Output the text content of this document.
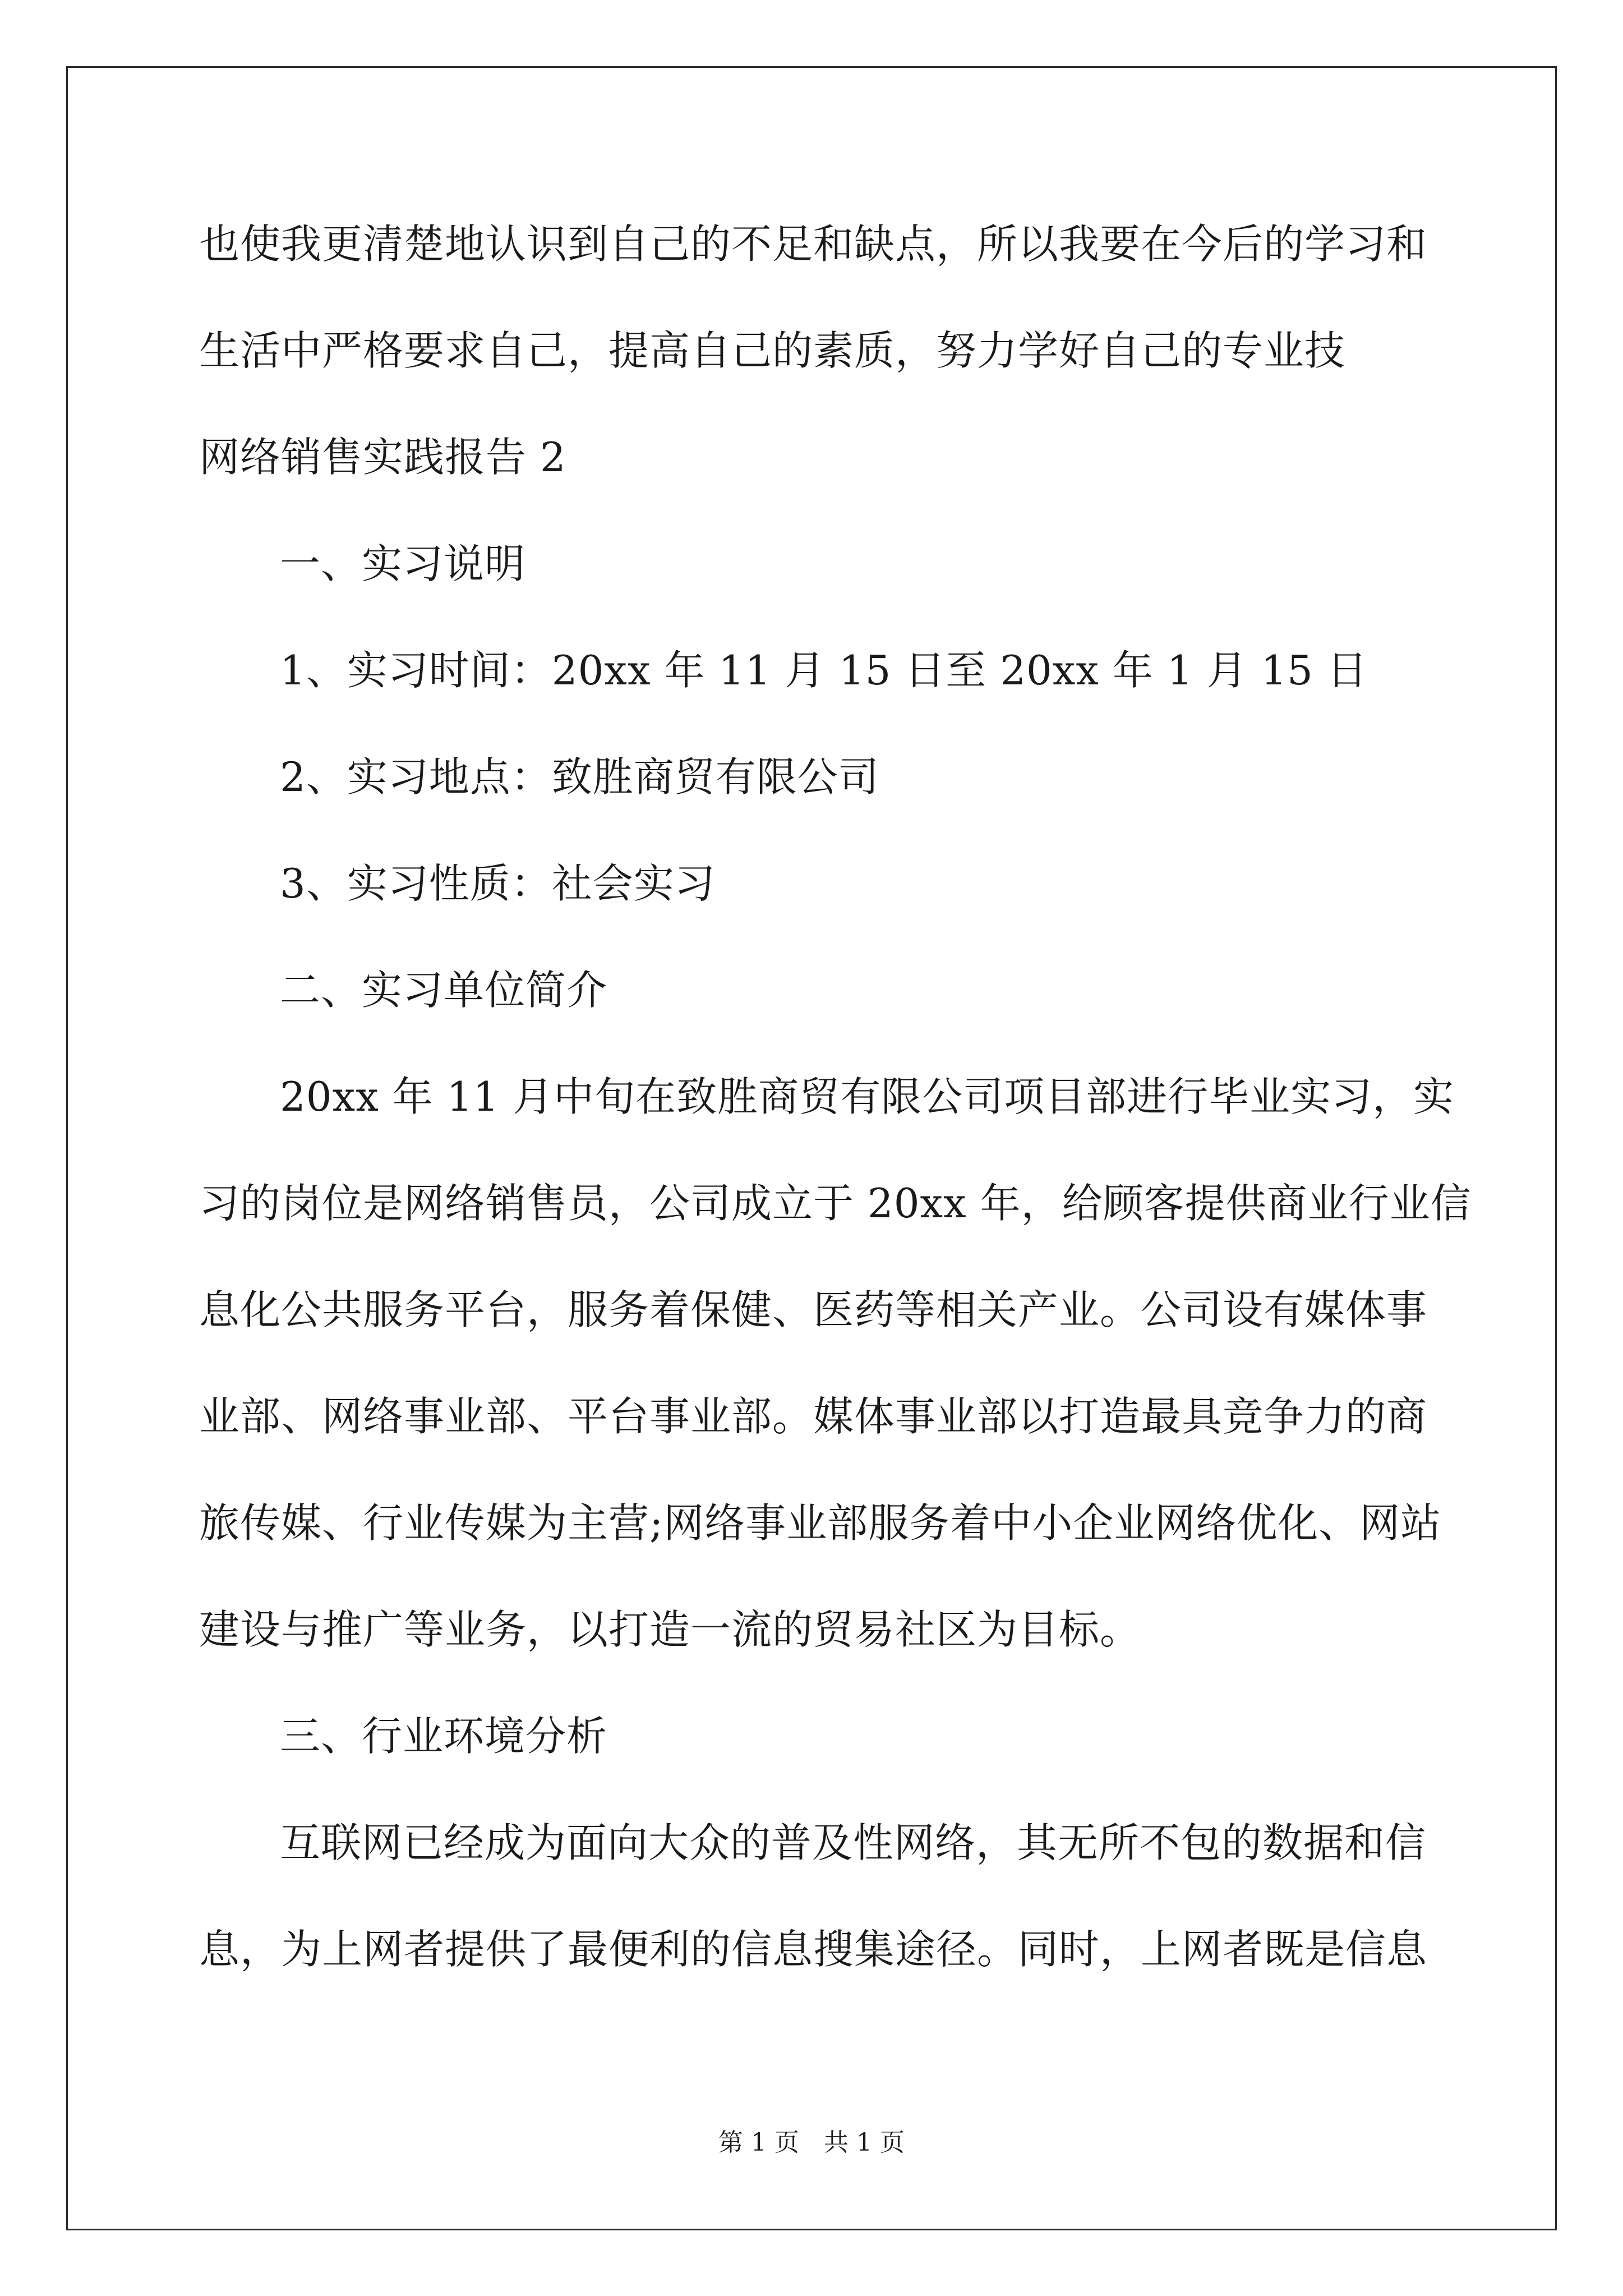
也使我更清楚地认识到自己的不足和缺点，所以我要在今后的学习和
生活中严格要求自己，提高自己的素质，努力学好自己的专业技
网络销售实践报告 2
一、实习说明
1、实习时间：20xx 年 11 月 15 日至 20xx 年 1 月 15 日
2、实习地点：致胜商贸有限公司
3、实习性质：社会实习
二、实习单位简介
20xx 年 11 月中旬在致胜商贸有限公司项目部进行毕业实习，实
习的岗位是网络销售员，公司成立于 20xx 年，给顾客提供商业行业信
息化公共服务平台，服务着保健、医药等相关产业。公司设有媒体事
业部、网络事业部、平台事业部。媒体事业部以打造最具竞争力的商
旅传媒、行业传媒为主营;网络事业部服务着中小企业网络优化、网站
建设与推广等业务，以打造一流的贸易社区为目标。
三、行业环境分析
互联网已经成为面向大众的普及性网络，其无所不包的数据和信
息，为上网者提供了最便利的信息搜集途径。同时，上网者既是信息
第 1 页　共 1 页
